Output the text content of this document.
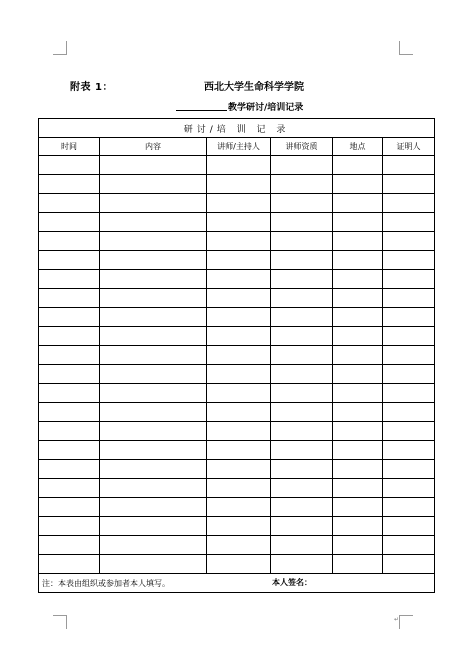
↵
附表 1：	西北大学生命科学学院
教学研讨/培训记录
研讨/培 训 记 录					
时间	内容	讲师/主持人	讲师资质	地点	证明人

注：本表由组织或参加者本人填写。 本人签名：					
